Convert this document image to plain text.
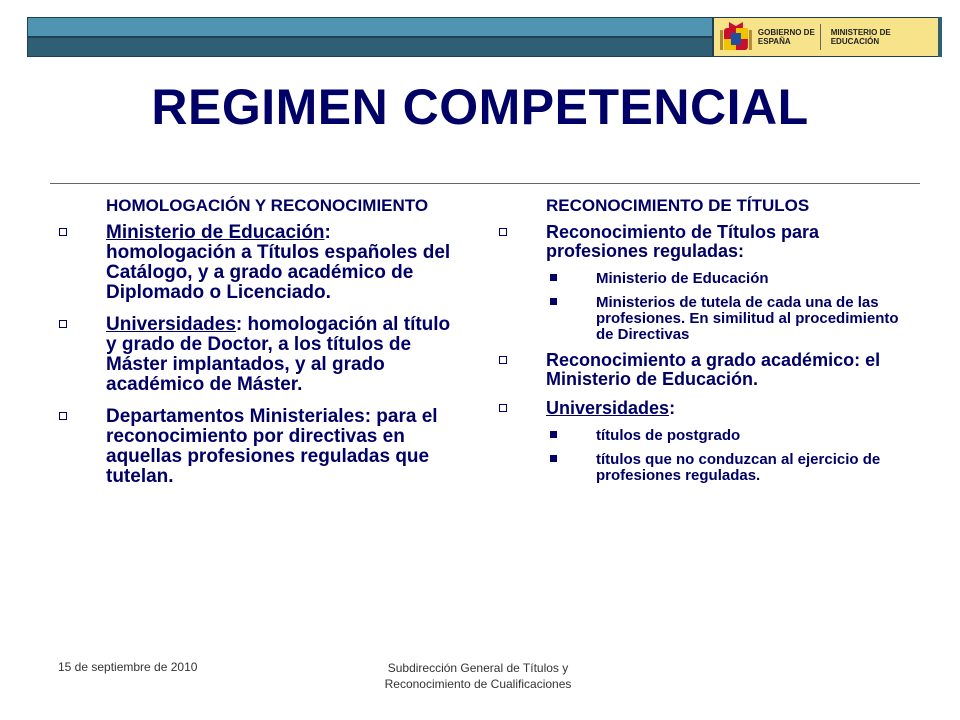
GOBIERNO DE ESPAÑA
MINISTERIO DE EDUCACIÓN
REGIMEN COMPETENCIAL
HOMOLOGACIÓN Y RECONOCIMIENTO
Ministerio de Educación: homologación a Títulos españoles del Catálogo, y a grado académico de Diplomado o Licenciado.
Universidades: homologación al título y grado de Doctor, a los títulos de Máster implantados, y al grado académico de Máster.
Departamentos Ministeriales: para el reconocimiento por directivas en aquellas profesiones reguladas que tutelan.
RECONOCIMIENTO DE TÍTULOS
Reconocimiento de Títulos para profesiones reguladas:
Ministerio de Educación
Ministerios de tutela de cada una de las profesiones. En similitud al procedimiento de Directivas
Reconocimiento a grado académico: el Ministerio de Educación.
Universidades:
títulos de postgrado
títulos que no conduzcan al ejercicio de profesiones reguladas.
15 de septiembre de 2010	Subdirección General de Títulos y
Reconocimiento de Cualificaciones
